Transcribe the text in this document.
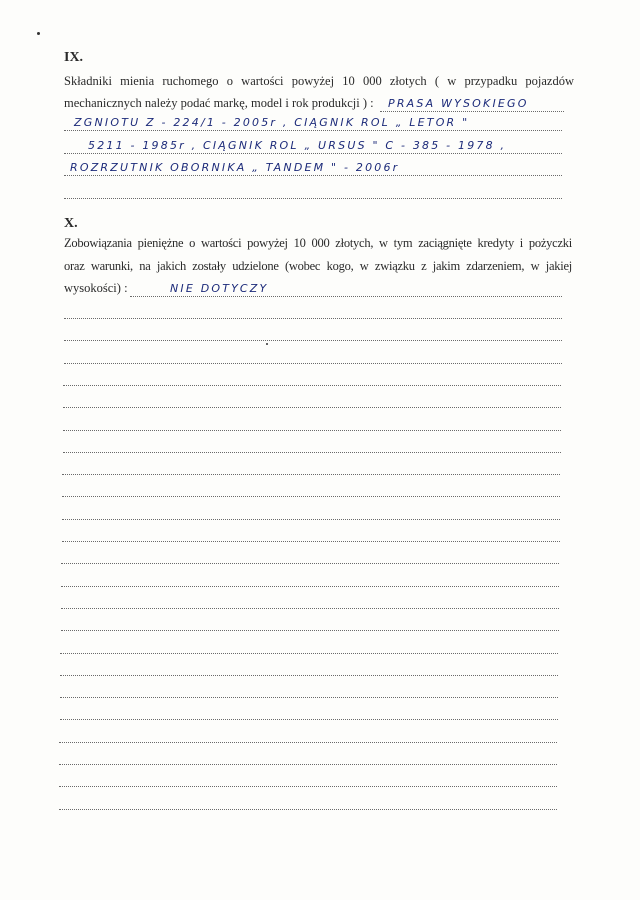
IX.
Składniki mienia ruchomego o wartości powyżej 10 000 złotych ( w przypadku pojazdów
mechanicznych należy podać markę, model i rok produkcji ) : PRASA WYSOKIEGO
ZGNIOTU Z - 224/1 - 2005r , CIĄGNIK ROL „ LETOR "
5211 - 1985r , CIĄGNIK ROL „ URSUS " C - 385 - 1978 ,
ROZRZUTNIK OBORNIKA „ TANDEM " - 2006r
X.
Zobowiązania pieniężne o wartości powyżej 10 000 złotych, w tym zaciągnięte kredyty i pożyczki
oraz warunki, na jakich zostały udzielone (wobec kogo, w związku z jakim zdarzeniem, w jakiej
wysokości) :	NIE DOTYCZY
